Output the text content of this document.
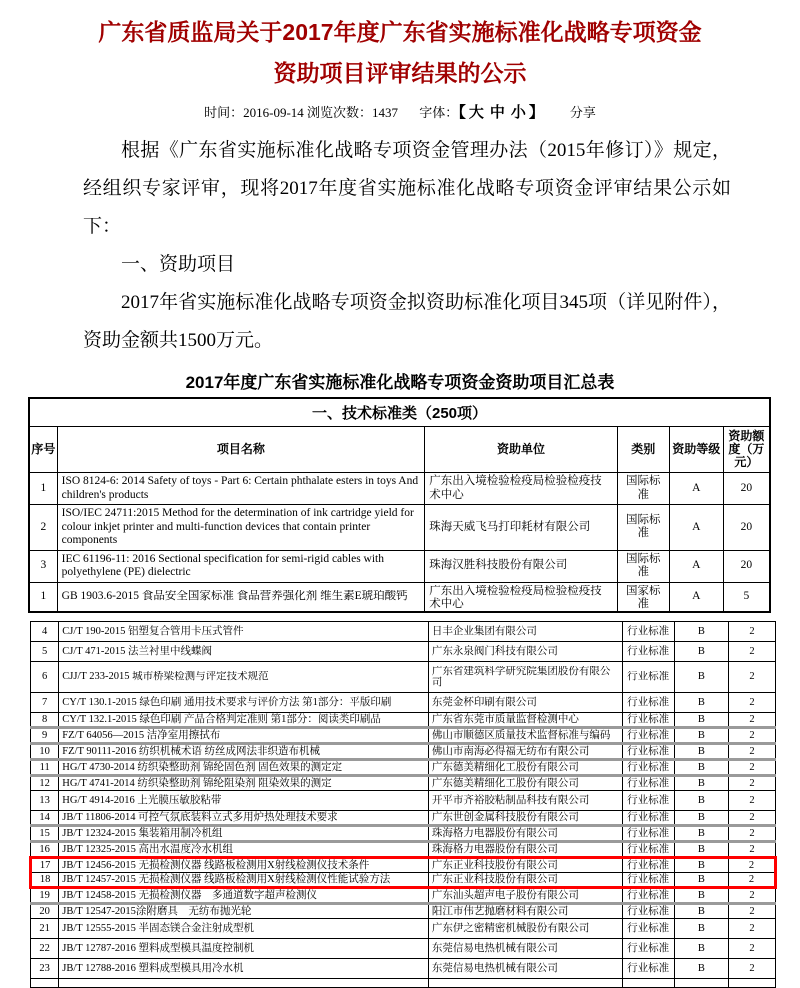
广东省质监局关于2017年度广东省实施标准化战略专项资金
资助项目评审结果的公示
时间：2016-09-14 浏览次数：1437 字体：【 大 中 小 】 分享

根据《广东省实施标准化战略专项资金管理办法（2015年修订）》规定，经组织专家评审，现将2017年度省实施标准化战略专项资金评审结果公示如下：

一、资助项目

2017年省实施标准化战略专项资金拟资助标准化项目345项（详见附件），资助金额共1500万元。

2017年度广东省实施标准化战略专项资金资助项目汇总表
一、技术标准类（250项）					
序号	项目名称	资助单位	类别	资助等级	资助额度（万元）
1	ISO 8124-6: 2014 Safety of toys - Part 6: Certain phthalate esters in toys And children's products	广东出入境检验检疫局检验检疫技术中心	国际标准	A	20
2	ISO/IEC 24711:2015 Method for the determination of ink cartridge yield for colour inkjet printer and multi-function devices that contain printer components	珠海天威飞马打印耗材有限公司	国际标准	A	20
3	IEC 61196-11: 2016 Sectional specification for semi-rigid cables with polyethylene (PE) dielectric	珠海汉胜科技股份有限公司	国际标准	A	20

1	GB 1903.6-2015 食品安全国家标准 食品营养强化剂 维生素E琥珀酸钙	广东出入境检验检疫局检验检疫技术中心	国家标准	A	5
4	CJ/T 190-2015 铝塑复合管用卡压式管件	日丰企业集团有限公司	行业标准	B	2
5	CJ/T 471-2015 法兰衬里中线蝶阀	广东永泉阀门科技有限公司	行业标准	B	2

6	CJJ/T 233-2015 城市桥梁检测与评定技术规范	广东省建筑科学研究院集团股份有限公司	行业标准	B	2

7	CY/T 130.1-2015 绿色印刷 通用技术要求与评价方法 第1部分：平版印刷	东莞金杯印刷有限公司	行业标准	B	2
8	CY/T 132.1-2015 绿色印刷 产品合格判定准则 第1部分：阅读类印刷品	广东省东莞市质量监督检测中心	行业标准	B	2
9	FZ/T 64056—2015 洁净室用擦拭布	佛山市顺德区质量技术监督标准与编码	行业标准	B	2
10	FZ/T 90111-2016 纺织机械术语 纺丝成网法非织造布机械	佛山市南海必得福无纺布有限公司	行业标准	B	2
11	HG/T 4730-2014 纺织染整助剂 锦纶固色剂 固色效果的测定定	广东德美精细化工股份有限公司	行业标准	B	2
12	HG/T 4741-2014 纺织染整助剂 锦纶阻染剂 阻染效果的测定	广东德美精细化工股份有限公司	行业标准	B	2
13	HG/T 4914-2016 上光膜压敏胶粘带	开平市齐裕胶粘制品科技有限公司	行业标准	B	2
14	JB/T 11806-2014 可控气氛底装料立式多用炉热处理技术要求	广东世创金属科技股份有限公司	行业标准	B	2
15	JB/T 12324-2015 集装箱用制冷机组	珠海格力电器股份有限公司	行业标准	B	2
16	JB/T 12325-2015 高出水温度冷水机组	珠海格力电器股份有限公司	行业标准	B	2
17	JB/T 12456-2015 无损检测仪器 线路板检测用X射线检测仪技术条件	广东正业科技股份有限公司	行业标准	B	2
18	JB/T 12457-2015 无损检测仪器 线路板检测用X射线检测仪性能试验方法	广东正业科技股份有限公司	行业标准	B	2
19	JB/T 12458-2015 无损检测仪器　多通道数字超声检测仪	广东汕头超声电子股份有限公司	行业标准	B	2
20	JB/T 12547-2015涂附磨具　无纺布抛光轮	阳江市伟艺抛磨材料有限公司	行业标准	B	2
21	JB/T 12555-2015 半固态镁合金注射成型机	广东伊之密精密机械股份有限公司	行业标准	B	2
22	JB/T 12787-2016 塑料成型模具温度控制机	东莞信易电热机械有限公司	行业标准	B	2
23	JB/T 12788-2016 塑料成型模具用冷水机	东莞信易电热机械有限公司	行业标准	B	2
